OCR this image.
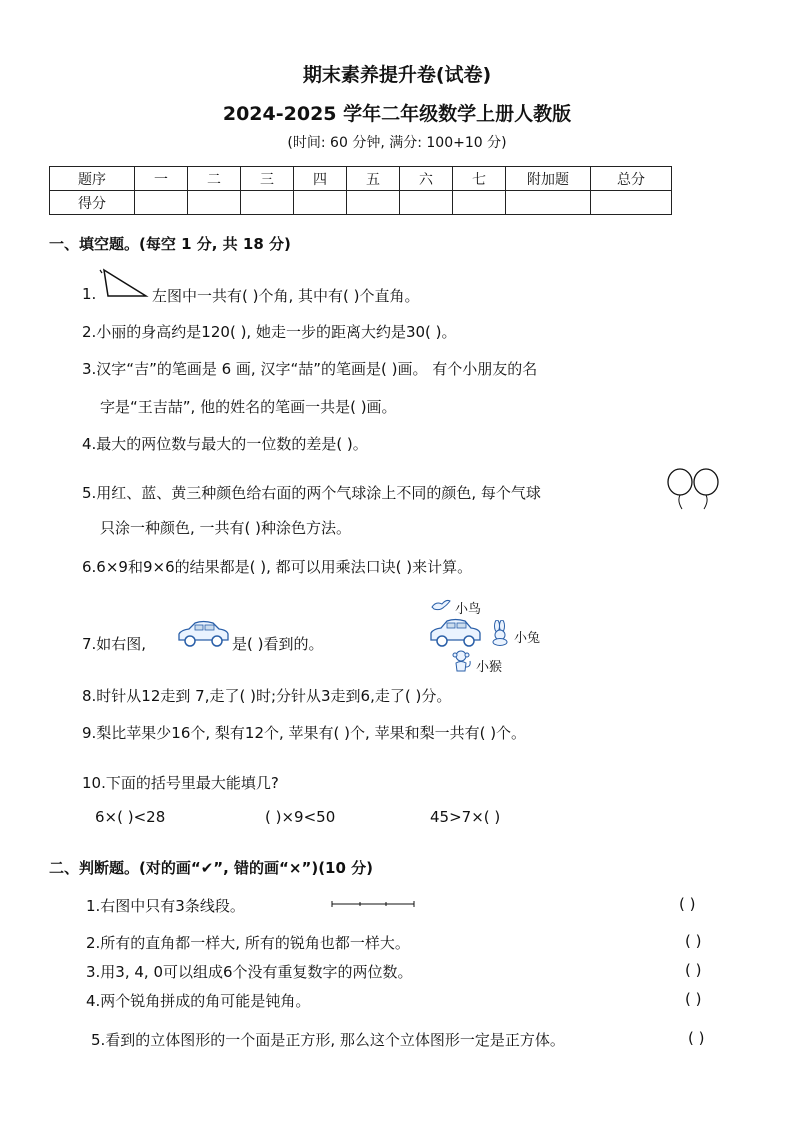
期末素养提升卷(试卷)
2024-2025 学年二年级数学上册人教版
(时间: 60 分钟, 满分: 100+10 分)
题序	一	二	三	四	五	六	七	附加题	总分
得分									
一、填空题。(每空 1 分, 共 18 分)
1.	左图中一共有( )个角, 其中有( )个直角。
2.小丽的身高约是120( ), 她走一步的距离大约是30( )。
3.汉字“吉”的笔画是 6 画, 汉字“喆”的笔画是( )画。 有个小朋友的名
字是“王吉喆”, 他的姓名的笔画一共是( )画。
4.最大的两位数与最大的一位数的差是( )。
5.用红、蓝、黄三种颜色给右面的两个气球涂上不同的颜色, 每个气球
只涂一种颜色, 一共有( )种涂色方法。
6.6×9和9×6的结果都是( ), 都可以用乘法口诀( )来计算。
7.如右图,	是( )看到的。
小鸟
小兔
小猴
8.时针从12走到 7,走了( )时;分针从3走到6,走了( )分。
9.梨比苹果少16个, 梨有12个, 苹果有( )个, 苹果和梨一共有( )个。
10.下面的括号里最大能填几?
6×( )<28	( )×9<50	45>7×( )
二、判断题。(对的画“✔”, 错的画“×”)(10 分)
1.右图中只有3条线段。	( )
2.所有的直角都一样大, 所有的锐角也都一样大。	( )
3.用3, 4, 0可以组成6个没有重复数字的两位数。	( )
4.两个锐角拼成的角可能是钝角。	( )
5.看到的立体图形的一个面是正方形, 那么这个立体图形一定是正方体。	( )
